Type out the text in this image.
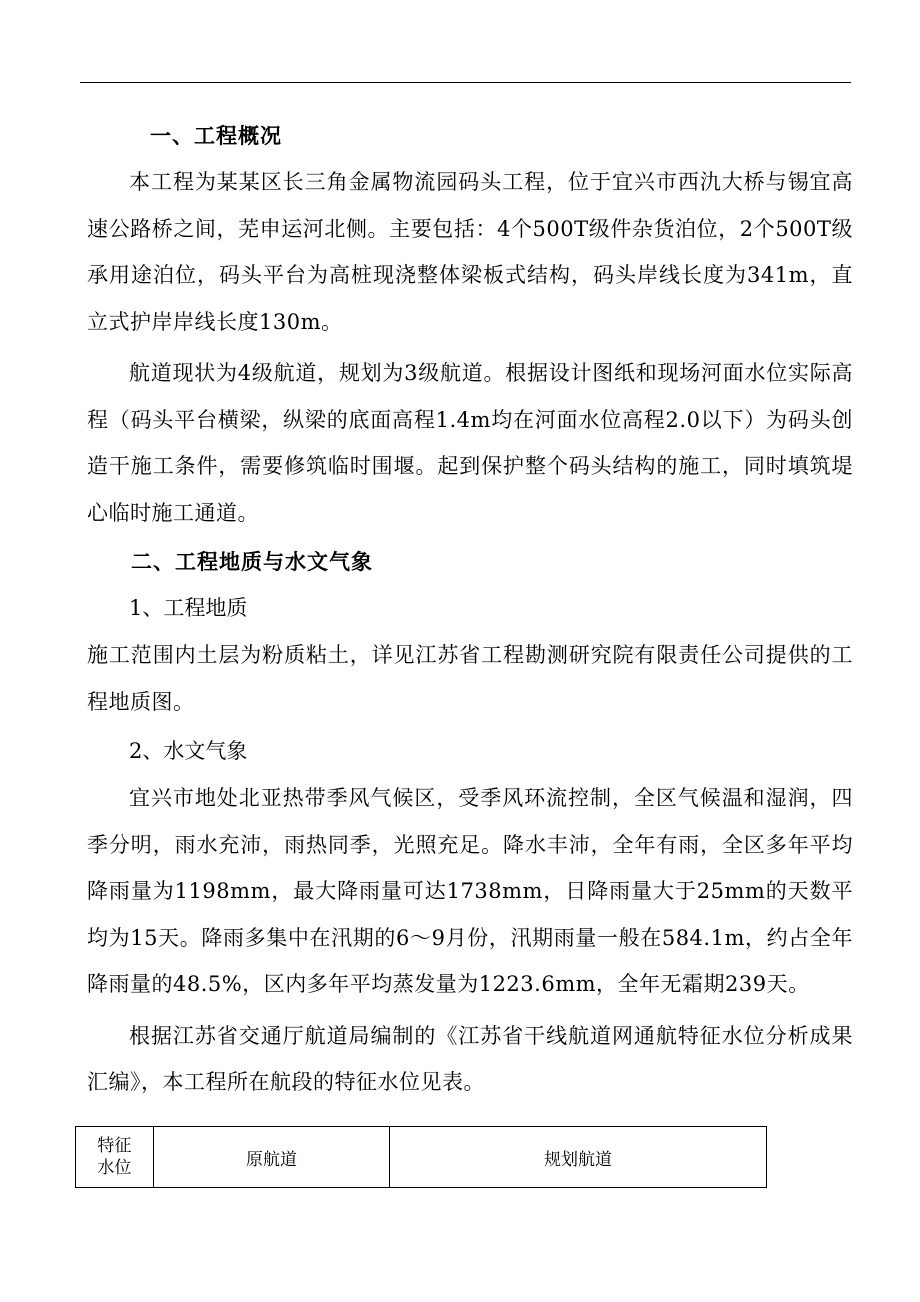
一、工程概况

本工程为某某区长三角金属物流园码头工程，位于宜兴市西氿大桥与锡宜高速公路桥之间，芜申运河北侧。主要包括：4个500T级件杂货泊位，2个500T级承用途泊位，码头平台为高桩现浇整体梁板式结构，码头岸线长度为341m，直立式护岸岸线长度130m。

航道现状为4级航道，规划为3级航道。根据设计图纸和现场河面水位实际高程（码头平台横梁，纵梁的底面高程1.4m均在河面水位高程2.0以下）为码头创造干施工条件，需要修筑临时围堰。起到保护整个码头结构的施工，同时填筑堤心临时施工通道。

二、工程地质与水文气象

1、工程地质

施工范围内土层为粉质粘土，详见江苏省工程勘测研究院有限责任公司提供的工程地质图。

2、水文气象

宜兴市地处北亚热带季风气候区，受季风环流控制，全区气候温和湿润，四季分明，雨水充沛，雨热同季，光照充足。降水丰沛，全年有雨，全区多年平均降雨量为1198mm，最大降雨量可达1738mm，日降雨量大于25mm的天数平均为15天。降雨多集中在汛期的6～9月份，汛期雨量一般在584.1m，约占全年降雨量的48.5%，区内多年平均蒸发量为1223.6mm，全年无霜期239天。

根据江苏省交通厅航道局编制的《江苏省干线航道网通航特征水位分析成果汇编》，本工程所在航段的特征水位见表。

特征
水位	原航道	规划航道
